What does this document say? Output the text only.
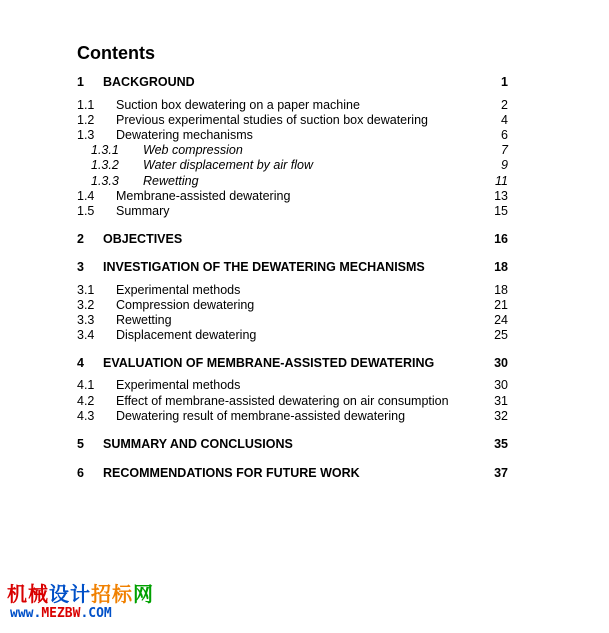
Contents
1 BACKGROUND	1
1.1 Suction box dewatering on a paper machine	2
1.2 Previous experimental studies of suction box dewatering	4
1.3 Dewatering mechanisms	6
1.3.1 Web compression	7
1.3.2 Water displacement by air flow	9
1.3.3 Rewetting	11
1.4 Membrane-assisted dewatering	13
1.5 Summary	15
2 OBJECTIVES	16
3 INVESTIGATION OF THE DEWATERING MECHANISMS	18
3.1 Experimental methods	18
3.2 Compression dewatering	21
3.3 Rewetting	24
3.4 Displacement dewatering	25
4 EVALUATION OF MEMBRANE-ASSISTED DEWATERING	30
4.1 Experimental methods	30
4.2 Effect of membrane-assisted dewatering on air consumption	31
4.3 Dewatering result of membrane-assisted dewatering	32
5 SUMMARY AND CONCLUSIONS	35
6 RECOMMENDATIONS FOR FUTURE WORK	37
机械设计招标网
www.MEZBW.COM
